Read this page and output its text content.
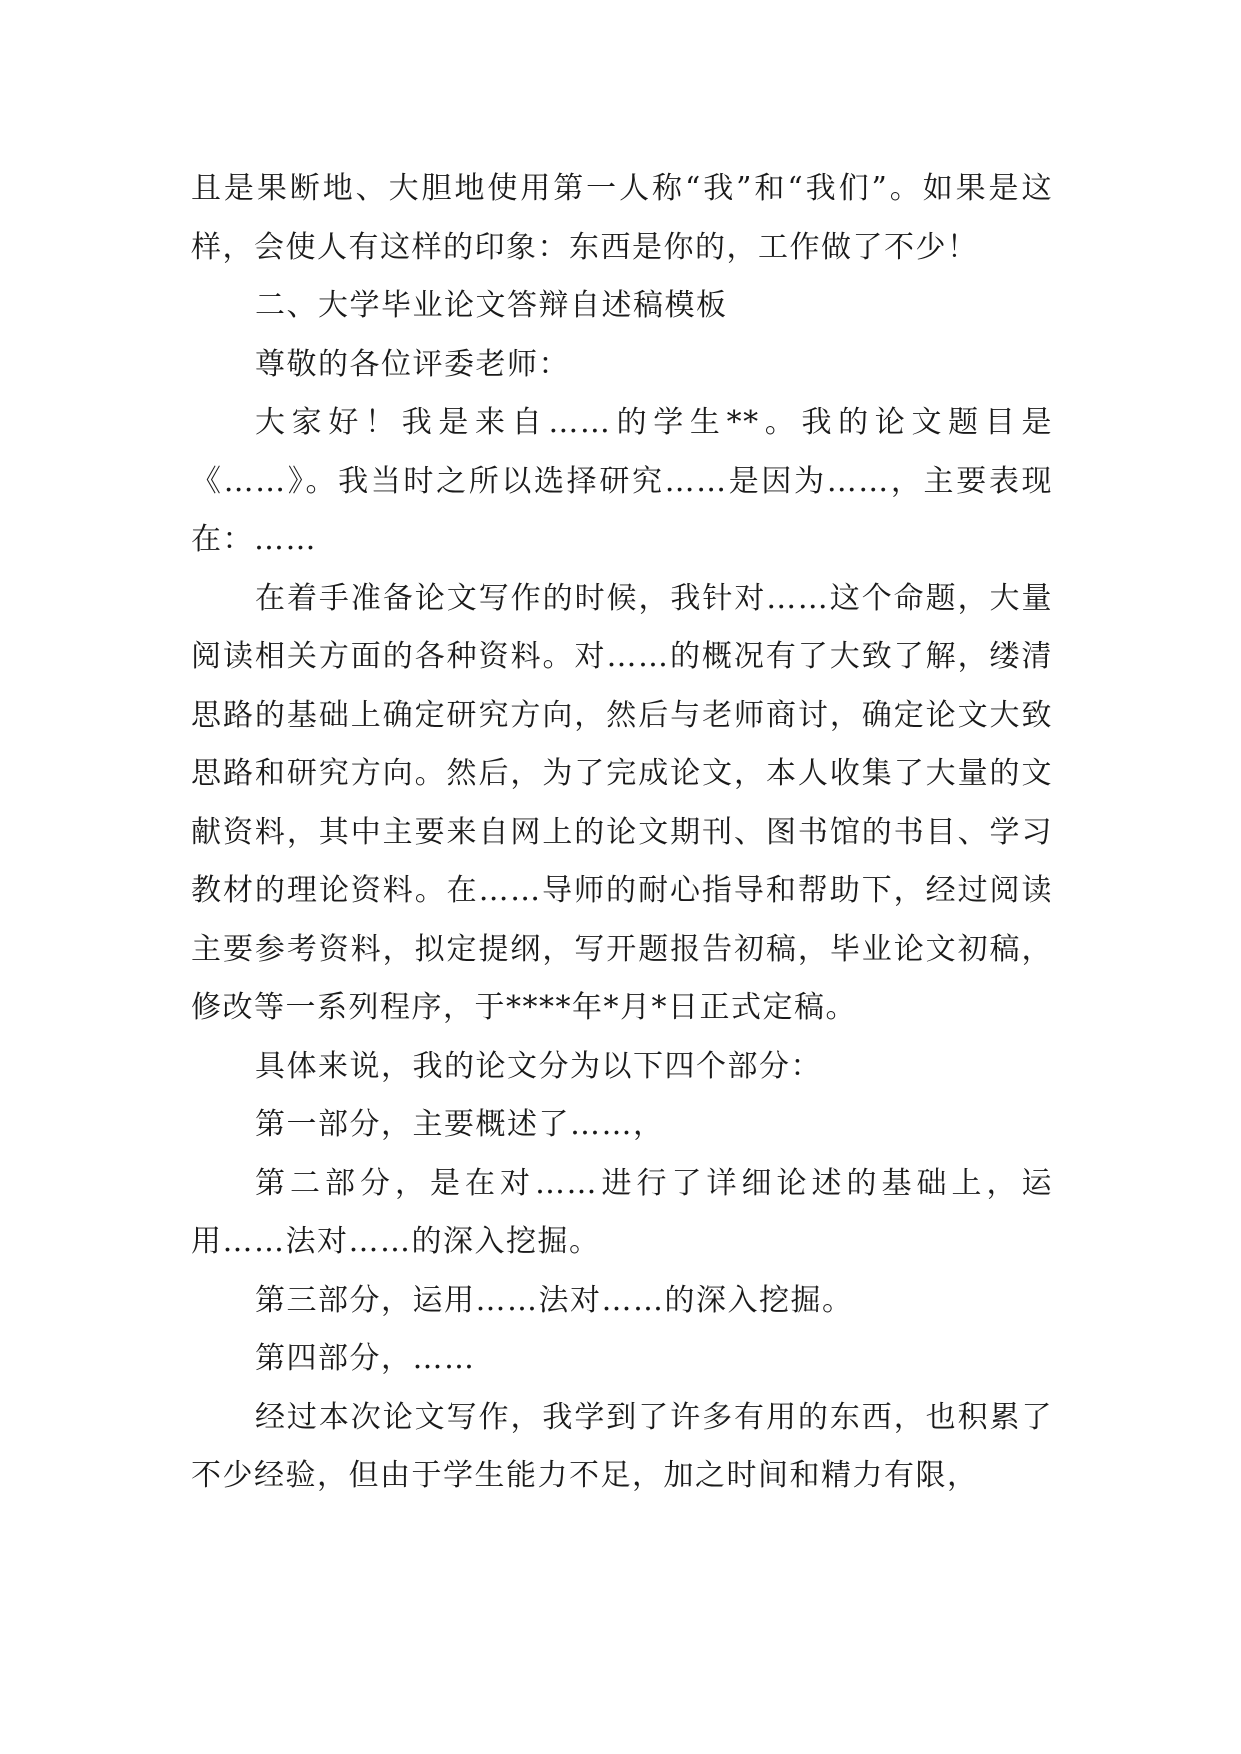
且是果断地、大胆地使用第一人称“我”和“我们”。如果是这样，会使人有这样的印象：东西是你的，工作做了不少！

二、大学毕业论文答辩自述稿模板

尊敬的各位评委老师：

大家好！我是来自……的学生**。我的论文题目是《……》。我当时之所以选择研究……是因为……，主要表现在：……

在着手准备论文写作的时候，我针对……这个命题，大量阅读相关方面的各种资料。对……的概况有了大致了解，缕清思路的基础上确定研究方向，然后与老师商讨，确定论文大致思路和研究方向。然后，为了完成论文，本人收集了大量的文献资料，其中主要来自网上的论文期刊、图书馆的书目、学习教材的理论资料。在……导师的耐心指导和帮助下，经过阅读主要参考资料，拟定提纲，写开题报告初稿，毕业论文初稿，修改等一系列程序，于****年*月*日正式定稿。

具体来说，我的论文分为以下四个部分：

第一部分，主要概述了……，

第二部分，是在对……进行了详细论述的基础上，运用……法对……的深入挖掘。

第三部分，运用……法对……的深入挖掘。

第四部分，……

经过本次论文写作，我学到了许多有用的东西，也积累了不少经验，但由于学生能力不足，加之时间和精力有限，
